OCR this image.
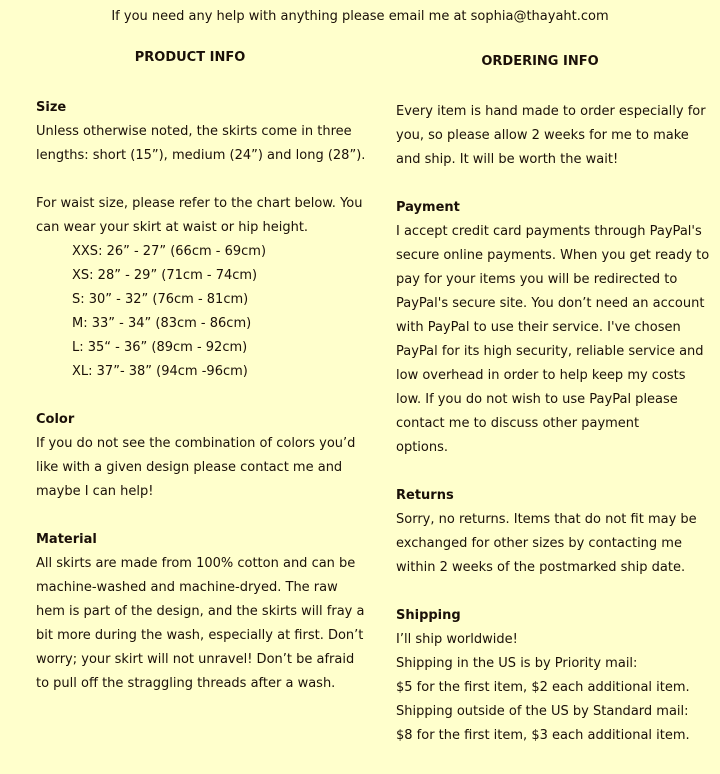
If you need any help with anything please email me at sophia@thayaht.com
PRODUCT INFO
Size
Unless otherwise noted, the skirts come in three
lengths: short (15”), medium (24”) and long (28”).
For waist size, please refer to the chart below. You
can wear your skirt at waist or hip height.
XXS: 26” - 27” (66cm - 69cm)
XS: 28” - 29” (71cm - 74cm)
S: 30” - 32” (76cm - 81cm)
M: 33” - 34” (83cm - 86cm)
L: 35“ - 36” (89cm - 92cm)
XL: 37”- 38” (94cm -96cm)
Color
If you do not see the combination of colors you’d
like with a given design please contact me and
maybe I can help!
Material
All skirts are made from 100% cotton and can be
machine-washed and machine-dryed. The raw
hem is part of the design, and the skirts will fray a
bit more during the wash, especially at first. Don’t
worry; your skirt will not unravel! Don’t be afraid
to pull off the straggling threads after a wash.
ORDERING INFO
Every item is hand made to order especially for
you, so please allow 2 weeks for me to make
and ship. It will be worth the wait!
Payment
I accept credit card payments through PayPal's
secure online payments. When you get ready to
pay for your items you will be redirected to
PayPal's secure site. You don’t need an account
with PayPal to use their service. I've chosen
PayPal for its high security, reliable service and
low overhead in order to help keep my costs
low. If you do not wish to use PayPal please
contact me to discuss other payment
options.
Returns
Sorry, no returns. Items that do not fit may be
exchanged for other sizes by contacting me
within 2 weeks of the postmarked ship date.
Shipping
I’ll ship worldwide!
Shipping in the US is by Priority mail:
$5 for the first item, $2 each additional item.
Shipping outside of the US by Standard mail:
$8 for the first item, $3 each additional item.
